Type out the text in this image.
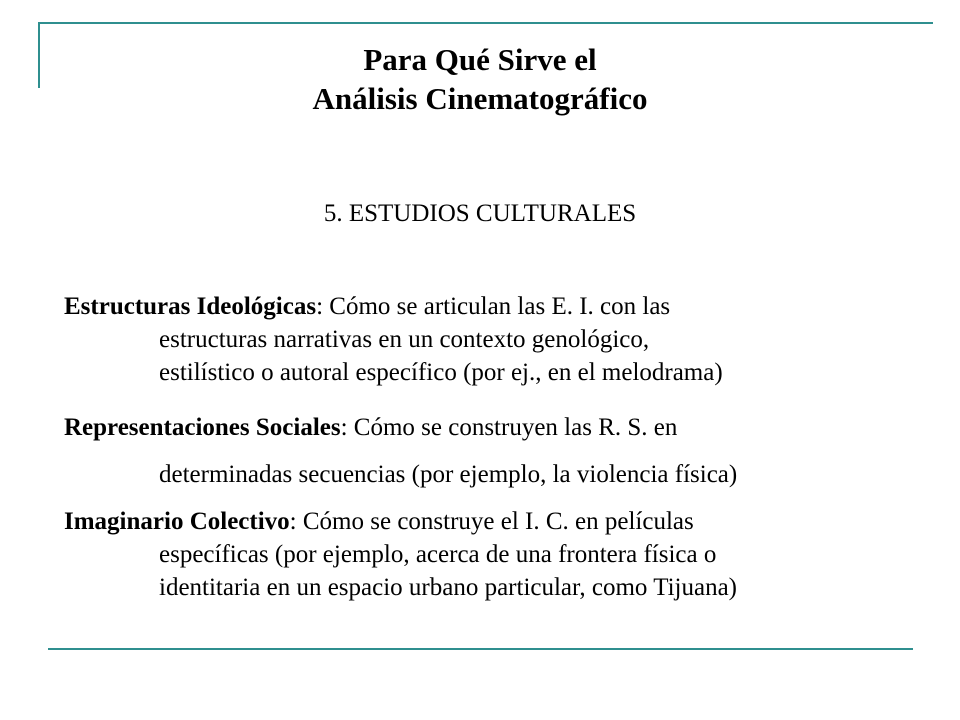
Para Qué Sirve el
Análisis Cinematográfico
5. ESTUDIOS CULTURALES
Estructuras Ideológicas: Cómo se articulan las E. I. con las
estructuras narrativas en un contexto genológico,
estilístico o autoral específico (por ej., en el melodrama)
Representaciones Sociales: Cómo se construyen las R. S. en
determinadas secuencias (por ejemplo, la violencia física)
Imaginario Colectivo: Cómo se construye el I. C. en películas
específicas (por ejemplo, acerca de una frontera física o
identitaria en un espacio urbano particular, como Tijuana)
